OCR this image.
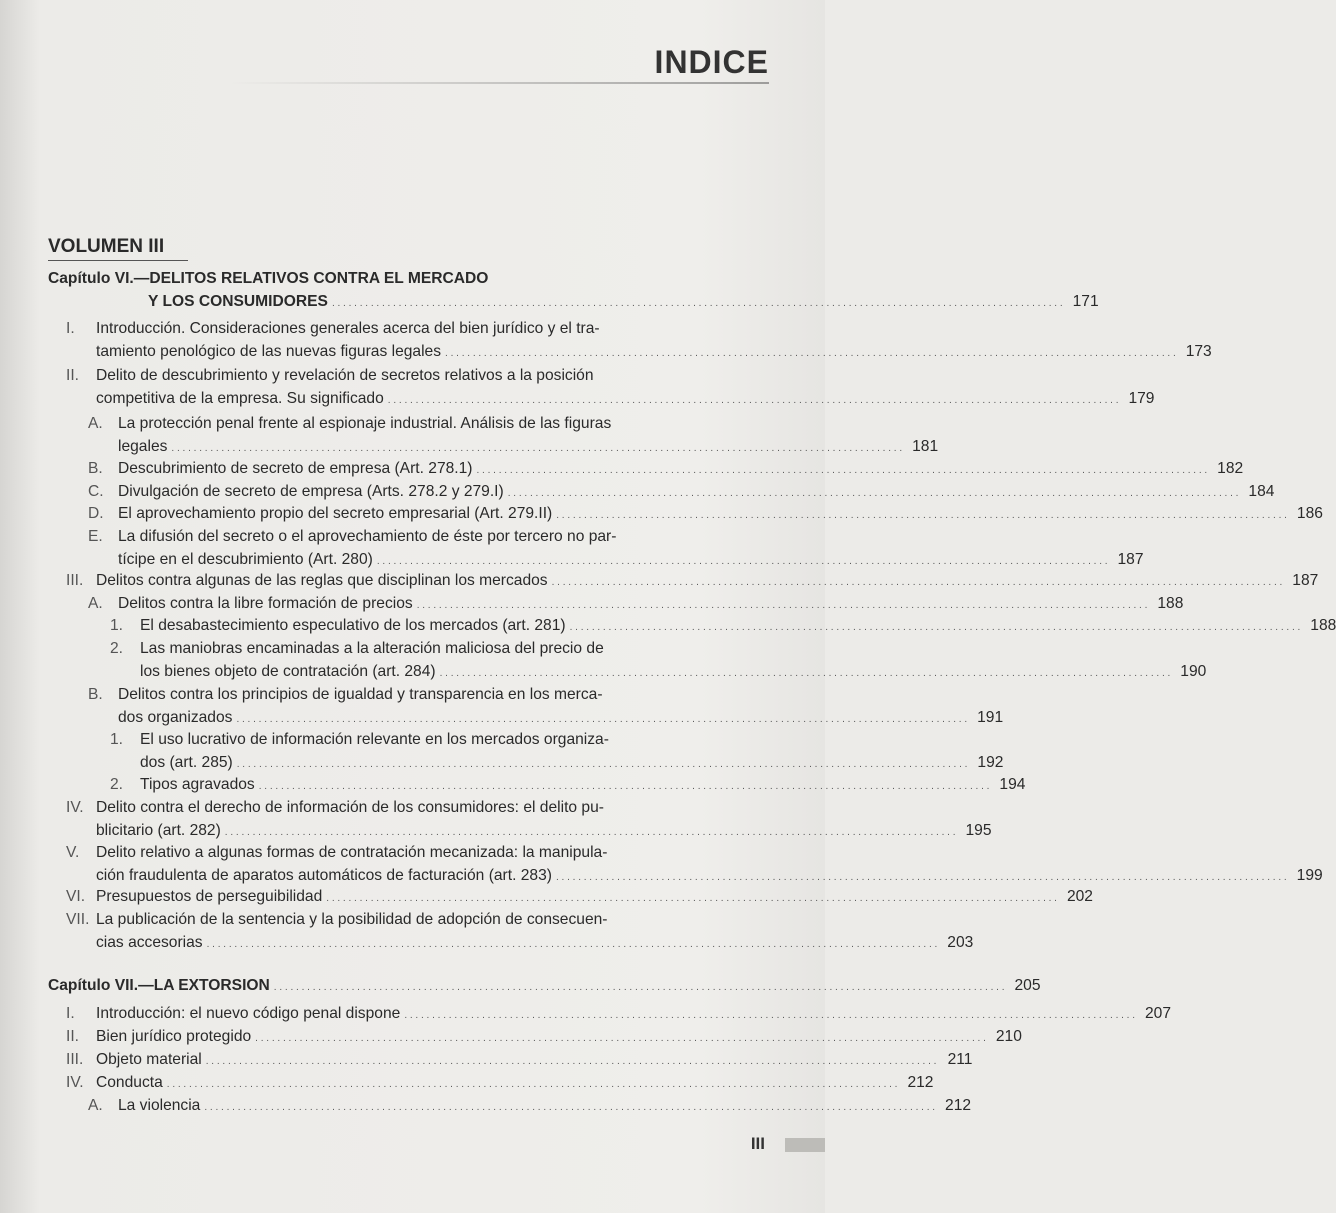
INDICE
VOLUMEN III
Capítulo VI.—DELITOS RELATIVOS CONTRA EL MERCADO
Y LOS CONSUMIDORES . . .	171
I.	Introducción. Consideraciones generales acerca del bien jurídico y el tra-
tamiento penológico de las nuevas figuras legales . . .	173
II.	Delito de descubrimiento y revelación de secretos relativos a la posición
competitiva de la empresa. Su significado . . .	179
A. La protección penal frente al espionaje industrial. Análisis de las figuras
legales . . .	181
B. Descubrimiento de secreto de empresa (Art. 278.1) . . .	182
C. Divulgación de secreto de empresa (Arts. 278.2 y 279.I) . . .	184
D. El aprovechamiento propio del secreto empresarial (Art. 279.II) . . .	186
E. La difusión del secreto o el aprovechamiento de éste por tercero no par-
tícipe en el descubrimiento (Art. 280) . . .	187
III. Delitos contra algunas de las reglas que disciplinan los mercados . . .	187
A. Delitos contra la libre formación de precios . . .	188
1.	El desabastecimiento especulativo de los mercados (art. 281) . . .	188
2.	Las maniobras encaminadas a la alteración maliciosa del precio de
los bienes objeto de contratación (art. 284) . . .	190
B. Delitos contra los principios de igualdad y transparencia en los merca-
dos organizados . . .	191
1.	El uso lucrativo de información relevante en los mercados organiza-
dos (art. 285) . . .	192
2.	Tipos agravados . . .	194
IV. Delito contra el derecho de información de los consumidores: el delito pu-
blicitario (art. 282) . . .	195
V.	Delito relativo a algunas formas de contratación mecanizada: la manipula-
ción fraudulenta de aparatos automáticos de facturación (art. 283) . . .	199
VI. Presupuestos de perseguibilidad . . .	202
VII. La publicación de la sentencia y la posibilidad de adopción de consecuen-
cias accesorias . . .	203
Capítulo VII.—LA EXTORSION . . .	205
I.	Introducción: el nuevo código penal dispone . . .	207
II.	Bien jurídico protegido . . .	210
III. Objeto material . . .	211
IV. Conducta . . .	212
A. La violencia . . .	212
III
